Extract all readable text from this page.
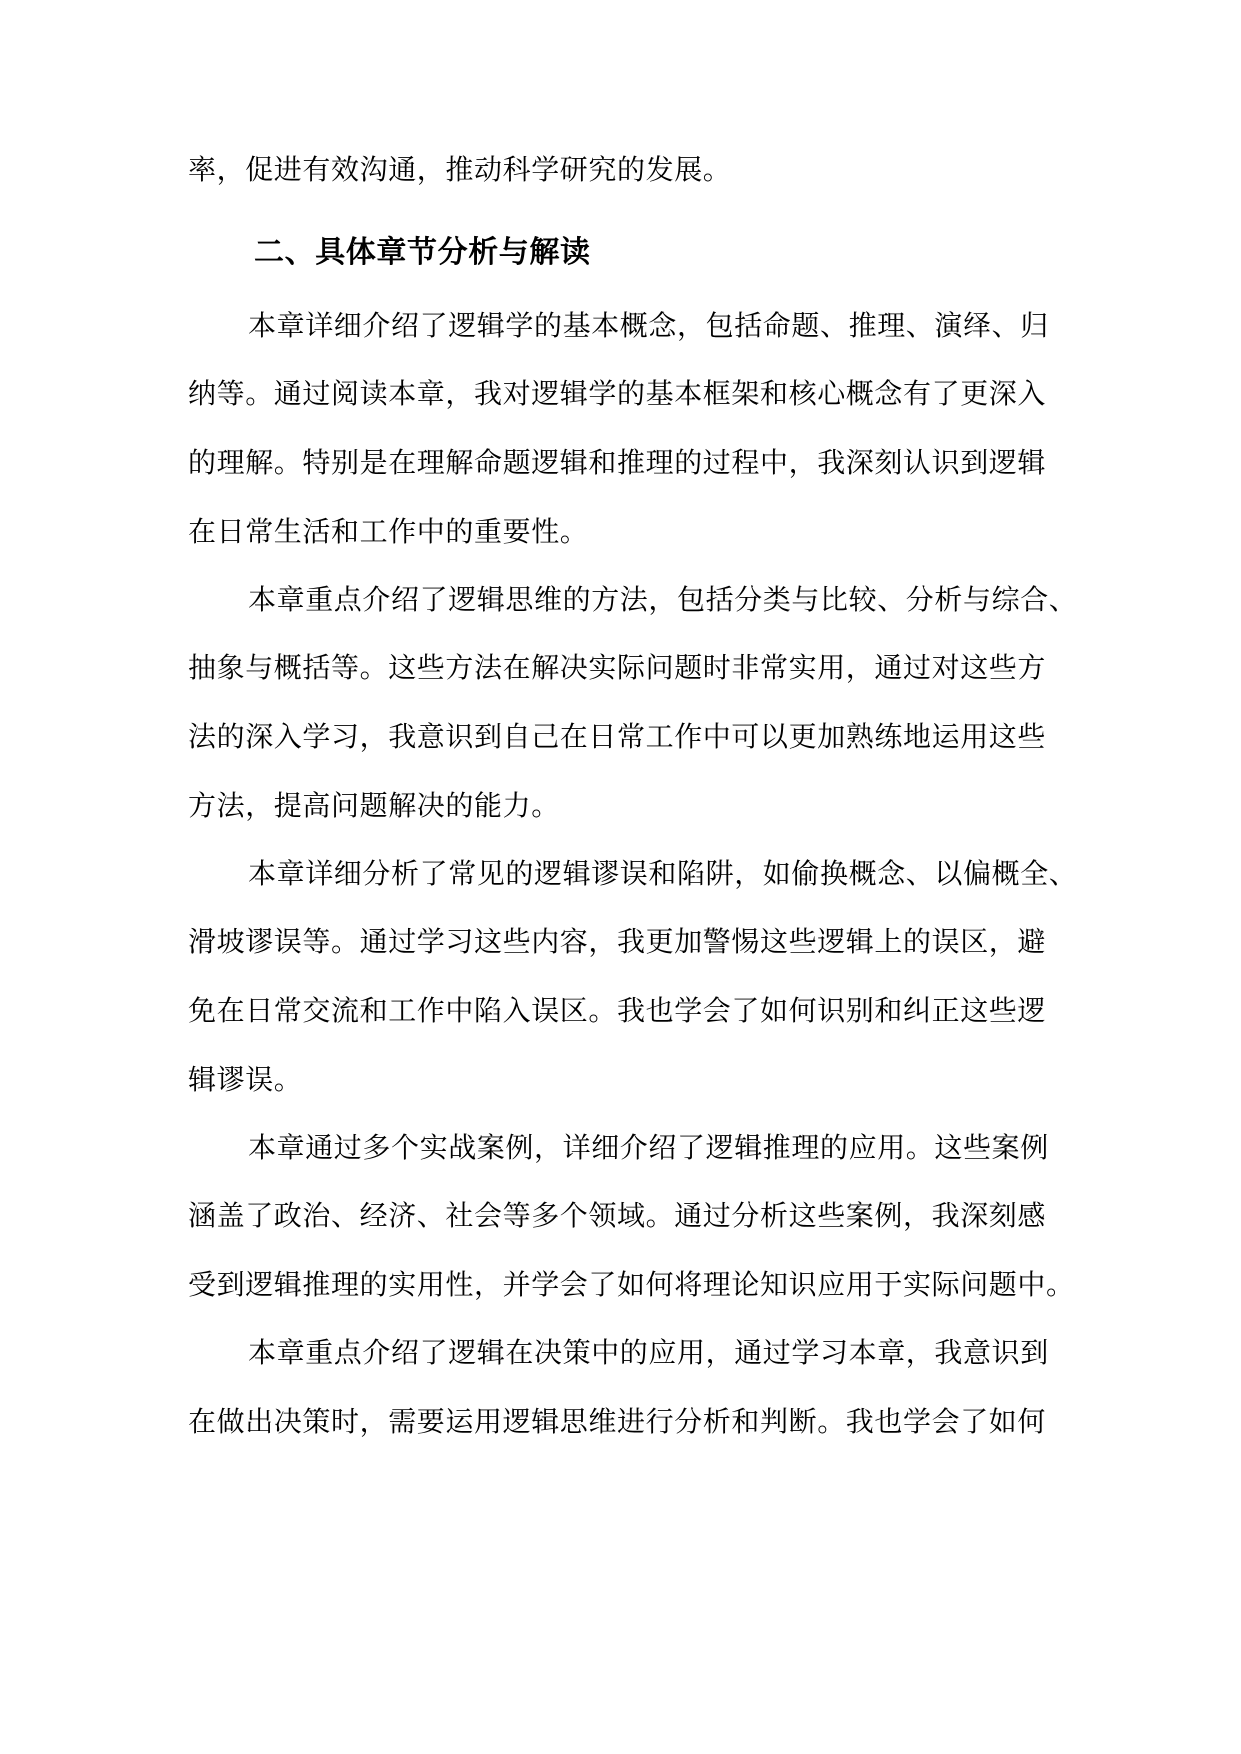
率，促进有效沟通，推动科学研究的发展。
二、具体章节分析与解读
本章详细介绍了逻辑学的基本概念，包括命题、推理、演绎、归
纳等。通过阅读本章，我对逻辑学的基本框架和核心概念有了更深入
的理解。特别是在理解命题逻辑和推理的过程中，我深刻认识到逻辑
在日常生活和工作中的重要性。
本章重点介绍了逻辑思维的方法，包括分类与比较、分析与综合、
抽象与概括等。这些方法在解决实际问题时非常实用，通过对这些方
法的深入学习，我意识到自己在日常工作中可以更加熟练地运用这些
方法，提高问题解决的能力。
本章详细分析了常见的逻辑谬误和陷阱，如偷换概念、以偏概全、
滑坡谬误等。通过学习这些内容，我更加警惕这些逻辑上的误区，避
免在日常交流和工作中陷入误区。我也学会了如何识别和纠正这些逻
辑谬误。
本章通过多个实战案例，详细介绍了逻辑推理的应用。这些案例
涵盖了政治、经济、社会等多个领域。通过分析这些案例，我深刻感
受到逻辑推理的实用性，并学会了如何将理论知识应用于实际问题中。
本章重点介绍了逻辑在决策中的应用，通过学习本章，我意识到
在做出决策时，需要运用逻辑思维进行分析和判断。我也学会了如何
